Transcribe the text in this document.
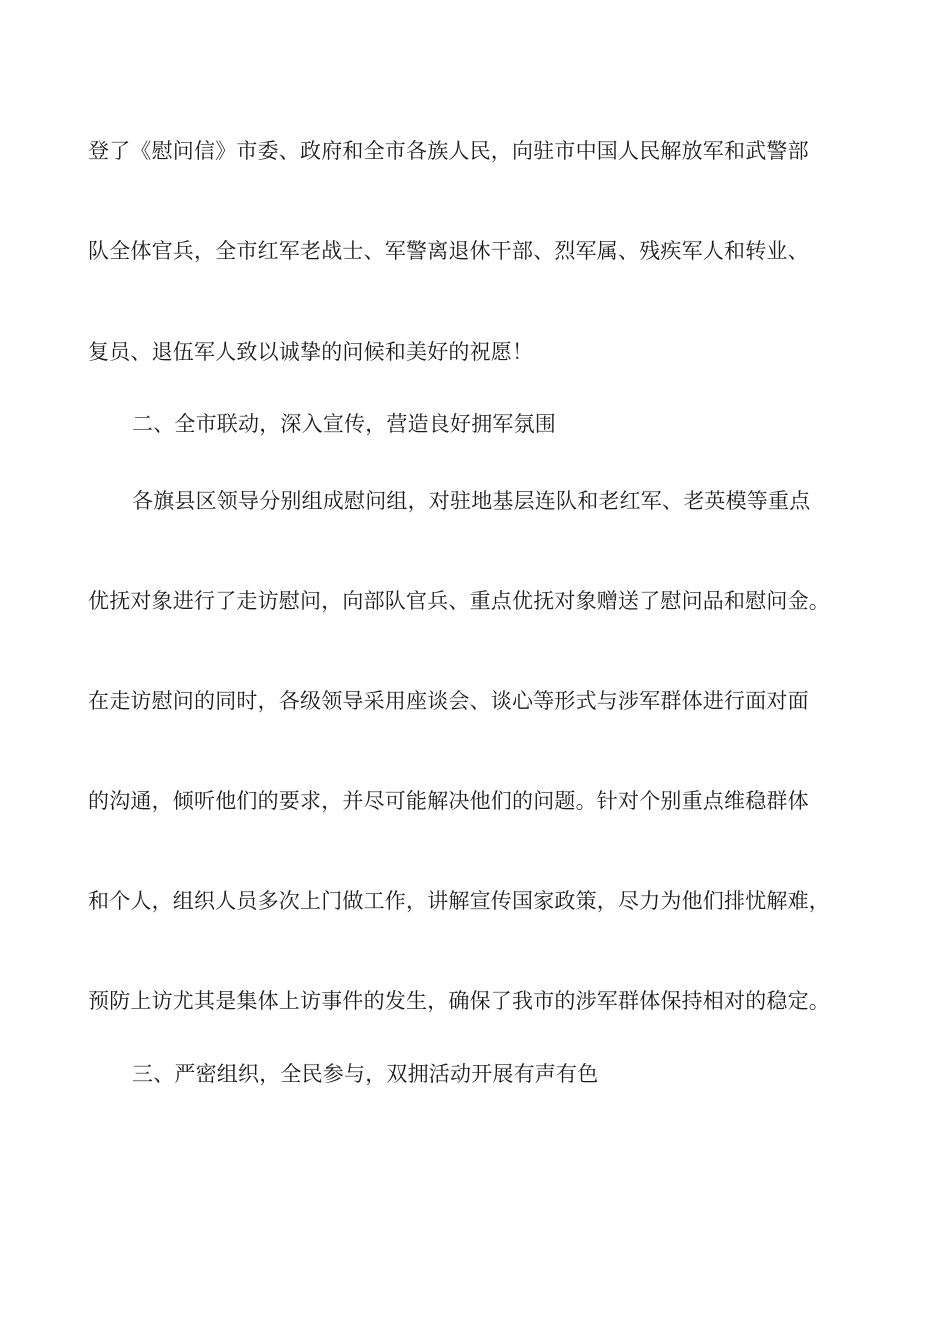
登了《慰问信》市委、政府和全市各族人民，向驻市中国人民解放军和武警部
队全体官兵，全市红军老战士、军警离退休干部、烈军属、残疾军人和转业、
复员、退伍军人致以诚挚的问候和美好的祝愿！
二、全市联动，深入宣传，营造良好拥军氛围
各旗县区领导分别组成慰问组，对驻地基层连队和老红军、老英模等重点
优抚对象进行了走访慰问，向部队官兵、重点优抚对象赠送了慰问品和慰问金。
在走访慰问的同时，各级领导采用座谈会、谈心等形式与涉军群体进行面对面
的沟通，倾听他们的要求，并尽可能解决他们的问题。针对个别重点维稳群体
和个人，组织人员多次上门做工作，讲解宣传国家政策，尽力为他们排忧解难，
预防上访尤其是集体上访事件的发生，确保了我市的涉军群体保持相对的稳定。
三、严密组织，全民参与，双拥活动开展有声有色
